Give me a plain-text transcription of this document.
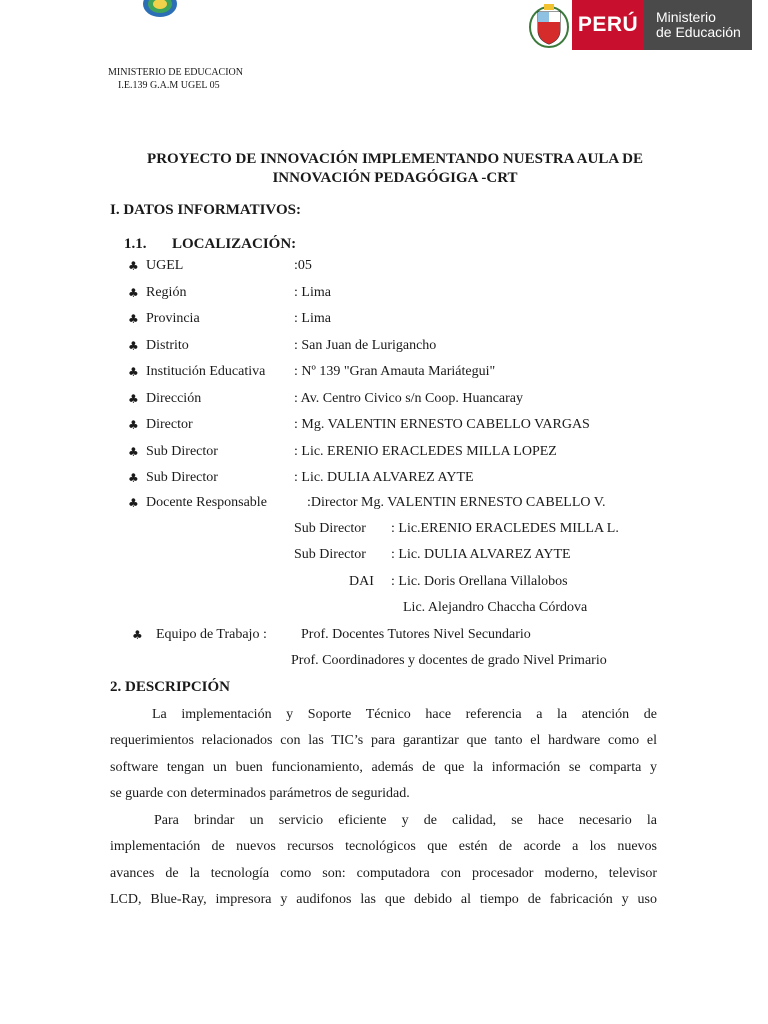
PERÚ	Ministerio
de Educación
MINISTERIO DE EDUCACION
I.E.139 G.A.M UGEL 05
PROYECTO DE INNOVACIÓN IMPLEMENTANDO NUESTRA AULA DE
INNOVACIÓN PEDAGÓGIGA -CRT
I. DATOS INFORMATIVOS:
1.1. LOCALIZACIÓN:
♣ UGEL	:05
♣ Región	: Lima
♣ Provincia	: Lima
♣ Distrito	: San Juan de Lurigancho
♣ Institución Educativa : Nº 139 "Gran Amauta Mariátegui"
♣ Dirección	: Av. Centro Civico s/n Coop. Huancaray
♣ Director	: Mg. VALENTIN ERNESTO CABELLO VARGAS
♣ Sub Director	: Lic. ERENIO ERACLEDES MILLA LOPEZ
♣ Sub Director	: Lic. DULIA ALVAREZ AYTE
♣ Docente Responsable	:Director Mg. VALENTIN ERNESTO CABELLO V.
Sub Director : Lic.ERENIO ERACLEDES MILLA L.
Sub Director : Lic. DULIA ALVAREZ AYTE
DAI : Lic. Doris Orellana Villalobos
Lic. Alejandro Chaccha Córdova
♣ Equipo de Trabajo : Prof. Docentes Tutores Nivel Secundario
Prof. Coordinadores y docentes de grado Nivel Primario
2. DESCRIPCIÓN
La implementación y Soporte Técnico hace referencia a la atención de
requerimientos relacionados con las TIC’s para garantizar que tanto el hardware como el
software tengan un buen funcionamiento, además de que la información se comparta y
se guarde con determinados parámetros de seguridad.
Para brindar un servicio eficiente y de calidad, se hace necesario la
implementación de nuevos recursos tecnológicos que estén de acorde a los nuevos
avances de la tecnología como son: computadora con procesador moderno, televisor
LCD, Blue-Ray, impresora y audifonos las que debido al tiempo de fabricación y uso
